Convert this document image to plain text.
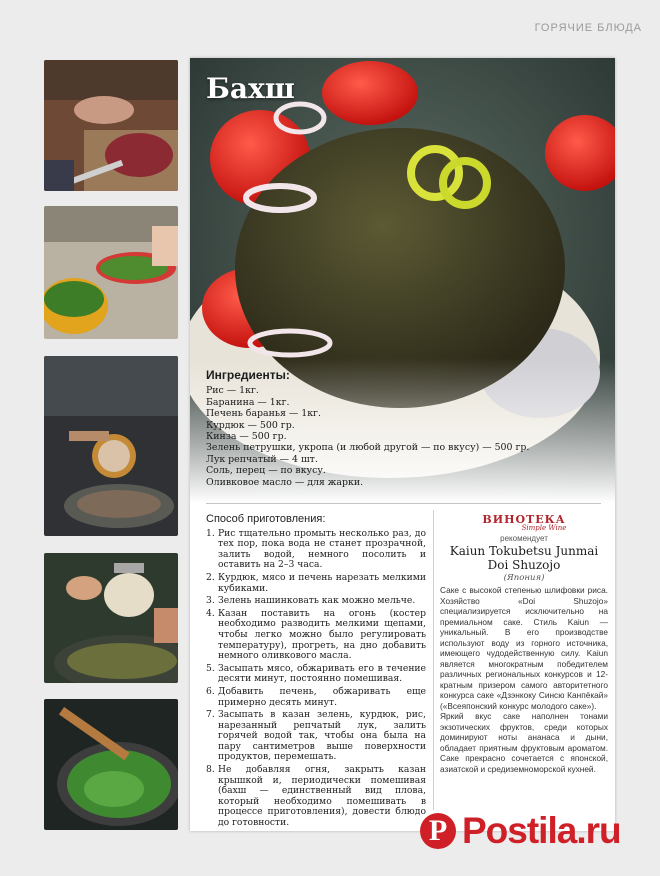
ГОРЯЧИЕ БЛЮДА
Бахш
Ингредиенты:
Рис — 1кг.
Баранина — 1кг.
Печень баранья — 1кг.
Курдюк — 500 гр.
Кинза — 500 гр.
Зелень петрушки, укропа (и любой другой — по вкусу) — 500 гр.
Лук репчатый — 4 шт.
Соль, перец — по вкусу.
Оливковое масло — для жарки.
Способ приготовления:
1. Рис тщательно промыть несколько раз, до тех пор, пока вода не станет прозрачной, залить водой, немного посолить и оставить на 2–3 часа.
2. Курдюк, мясо и печень нарезать мелкими кубиками.
3. Зелень нашинковать как можно мельче.
4. Казан поставить на огонь (костер необходимо разводить мелкими щепами, чтобы легко можно было регулировать температуру), прогреть, на дно добавить немного оливкового масла.
5. Засыпать мясо, обжаривать его в течение десяти минут, постоянно помешивая.
6. Добавить печень, обжаривать еще примерно десять минут.
7. Засыпать в казан зелень, курдюк, рис, нарезанный репчатый лук, залить горячей водой так, чтобы она была на пару сантиметров выше поверхности продуктов, перемешать.
8. Не добавляя огня, закрыть казан крышкой и, периодически помешивая (бахш — единственный вид плова, который необходимо помешивать в процессе приготовления), довести блюдо до готовности.
ВИНОТЕКА
Simple Wine
рекомендует
Kaiun Tokubetsu Junmai Doi Shuzojo
(Япония)

Саке с высокой степенью шлифовки риса. Хозяйство «Doi Shuzojo» специализируется исключительно на премиальном саке. Стиль Kaiun — уникальный. В его производстве используют воду из горного источника, имеющего чудодейственную силу. Kaiun является многократным победителем различных региональных конкурсов и 12-кратным призером самого авторитетного конкурса саке «Дзэнкоку Синсю Канпёкай» («Всеяпонский конкурс молодого саке»).

Яркий вкус саке наполнен тонами экзотических фруктов, среди которых доминируют ноты ананаса и дыни, обладает приятным фруктовым ароматом. Саке прекрасно сочетается с японской, азиатской и средиземноморской кухней.

P Postila.ru
